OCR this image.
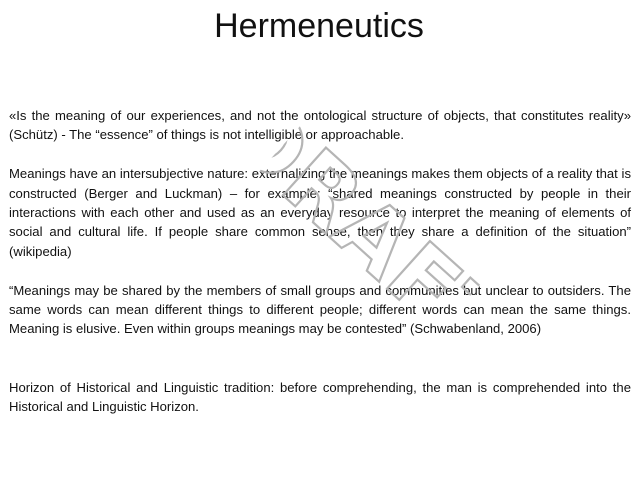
Hermeneutics

«Is the meaning of our experiences, and not the ontological structure of objects, that constitutes reality» (Schütz) - The “essence” of things is not intelligible or approachable.

Meanings have an intersubjective nature: externalizing the meanings makes them objects of a reality that is constructed (Berger and Luckman) – for example: “shared meanings constructed by people in their interactions with each other and used as an everyday resource to interpret the meaning of elements of social and cultural life. If people share common sense, then they share a definition of the situation” (wikipedia)

“Meanings may be shared by the members of small groups and communities but unclear to outsiders. The same words can mean different things to different people; different words can mean the same things. Meaning is elusive. Even within groups meanings may be contested” (Schwabenland, 2006)

Horizon of Historical and Linguistic tradition: before comprehending, the man is comprehended into the Historical and Linguistic Horizon.

DRAFT
